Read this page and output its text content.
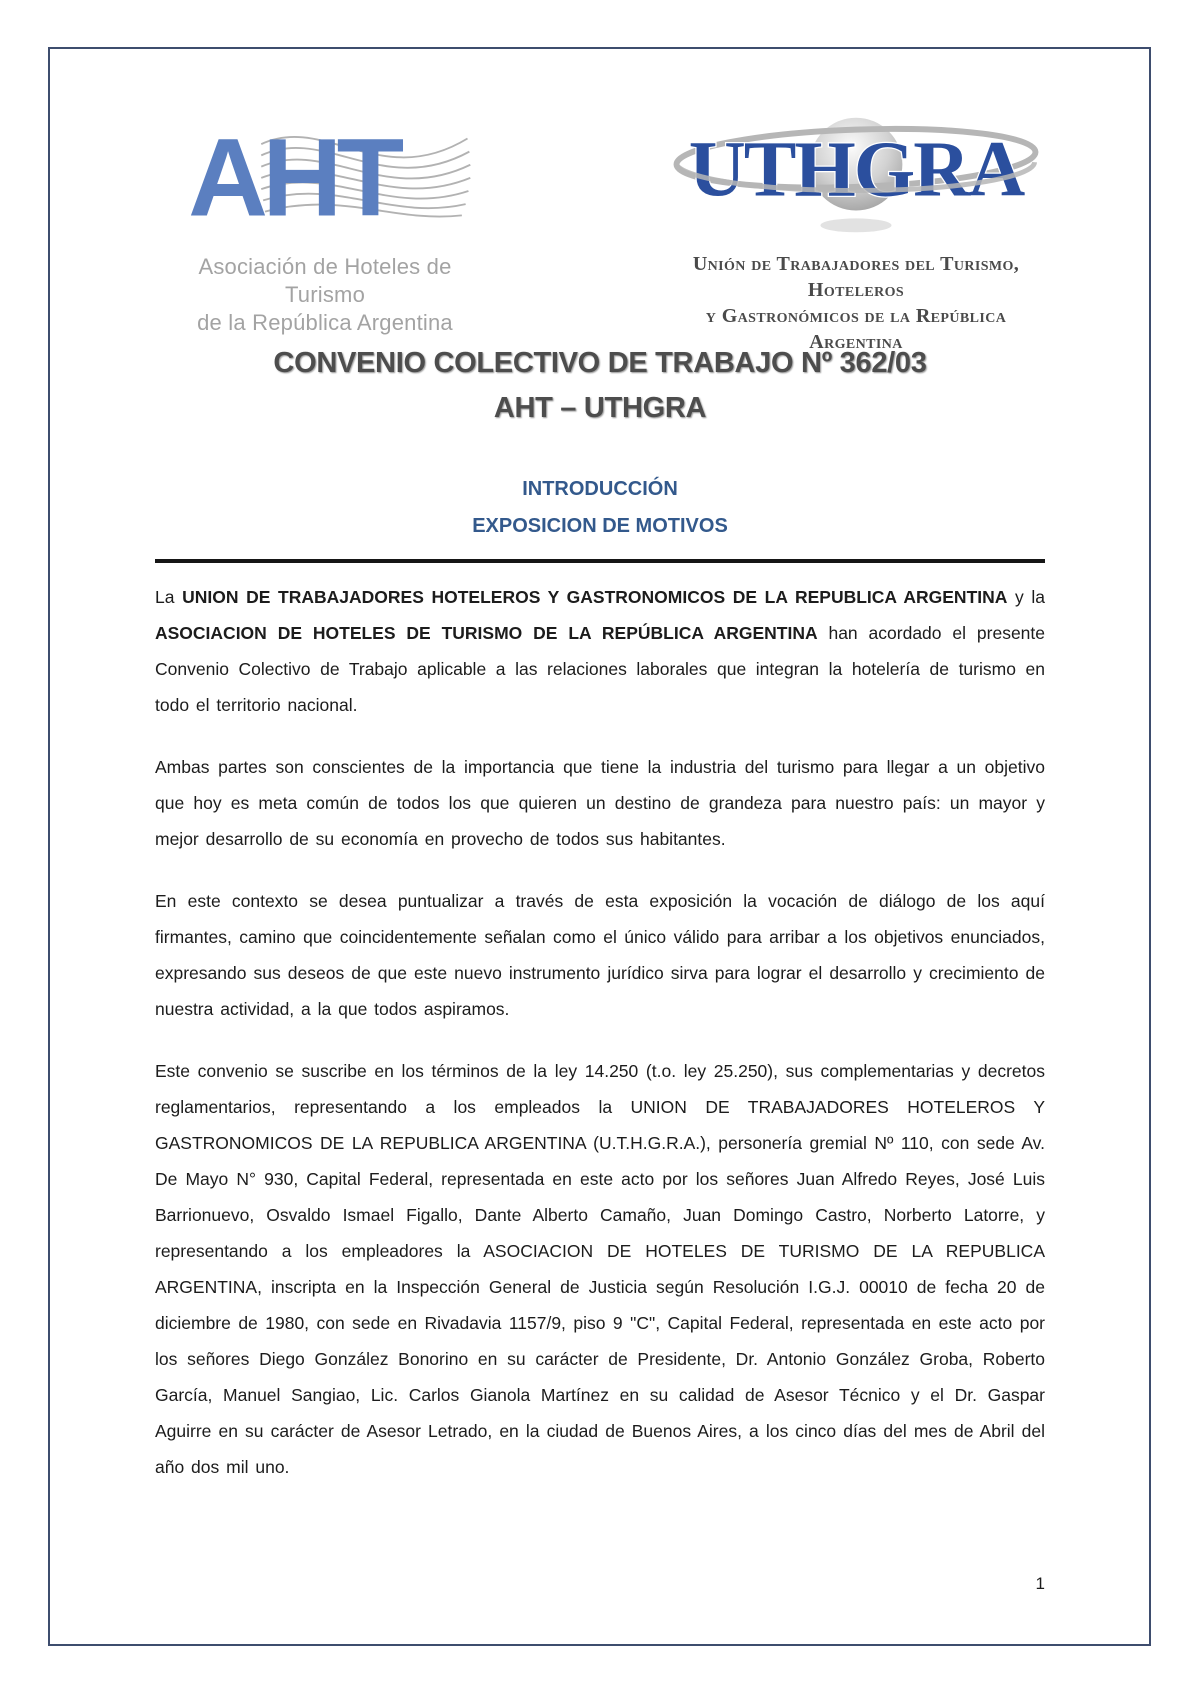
AHT
Asociación de Hoteles de Turismo
de la República Argentina
UTHGRA
Unión de Trabajadores del Turismo, Hoteleros
y Gastronómicos de la República Argentina
CONVENIO COLECTIVO DE TRABAJO Nº 362/03
AHT – UTHGRA
INTRODUCCIÓN
EXPOSICION DE MOTIVOS

La UNION DE TRABAJADORES HOTELEROS Y GASTRONOMICOS DE LA REPUBLICA ARGENTINA y la ASOCIACION DE HOTELES DE TURISMO DE LA REPÚBLICA ARGENTINA han acordado el presente Convenio Colectivo de Trabajo aplicable a las relaciones laborales que integran la hotelería de turismo en todo el territorio nacional.

Ambas partes son conscientes de la importancia que tiene la industria del turismo para llegar a un objetivo que hoy es meta común de todos los que quieren un destino de grandeza para nuestro país: un mayor y mejor desarrollo de su economía en provecho de todos sus habitantes.

En este contexto se desea puntualizar a través de esta exposición la vocación de diálogo de los aquí firmantes, camino que coincidentemente señalan como el único válido para arribar a los objetivos enunciados, expresando sus deseos de que este nuevo instrumento jurídico sirva para lograr el desarrollo y crecimiento de nuestra actividad, a la que todos aspiramos.

Este convenio se suscribe en los términos de la ley 14.250 (t.o. ley 25.250), sus complementarias y decretos reglamentarios, representando a los empleados la UNION DE TRABAJADORES HOTELEROS Y GASTRONOMICOS DE LA REPUBLICA ARGENTINA (U.T.H.G.R.A.), personería gremial Nº 110, con sede Av. De Mayo N° 930, Capital Federal, representada en este acto por los señores Juan Alfredo Reyes, José Luis Barrionuevo, Osvaldo Ismael Figallo, Dante Alberto Camaño, Juan Domingo Castro, Norberto Latorre, y representando a los empleadores la ASOCIACION DE HOTELES DE TURISMO DE LA REPUBLICA ARGENTINA, inscripta en la Inspección General de Justicia según Resolución I.G.J. 00010 de fecha 20 de diciembre de 1980, con sede en Rivadavia 1157/9, piso 9 "C", Capital Federal, representada en este acto por los señores Diego González Bonorino en su carácter de Presidente, Dr. Antonio González Groba, Roberto García, Manuel Sangiao, Lic. Carlos Gianola Martínez en su calidad de Asesor Técnico y el Dr. Gaspar Aguirre en su carácter de Asesor Letrado, en la ciudad de Buenos Aires, a los cinco días del mes de Abril del año dos mil uno.

1
